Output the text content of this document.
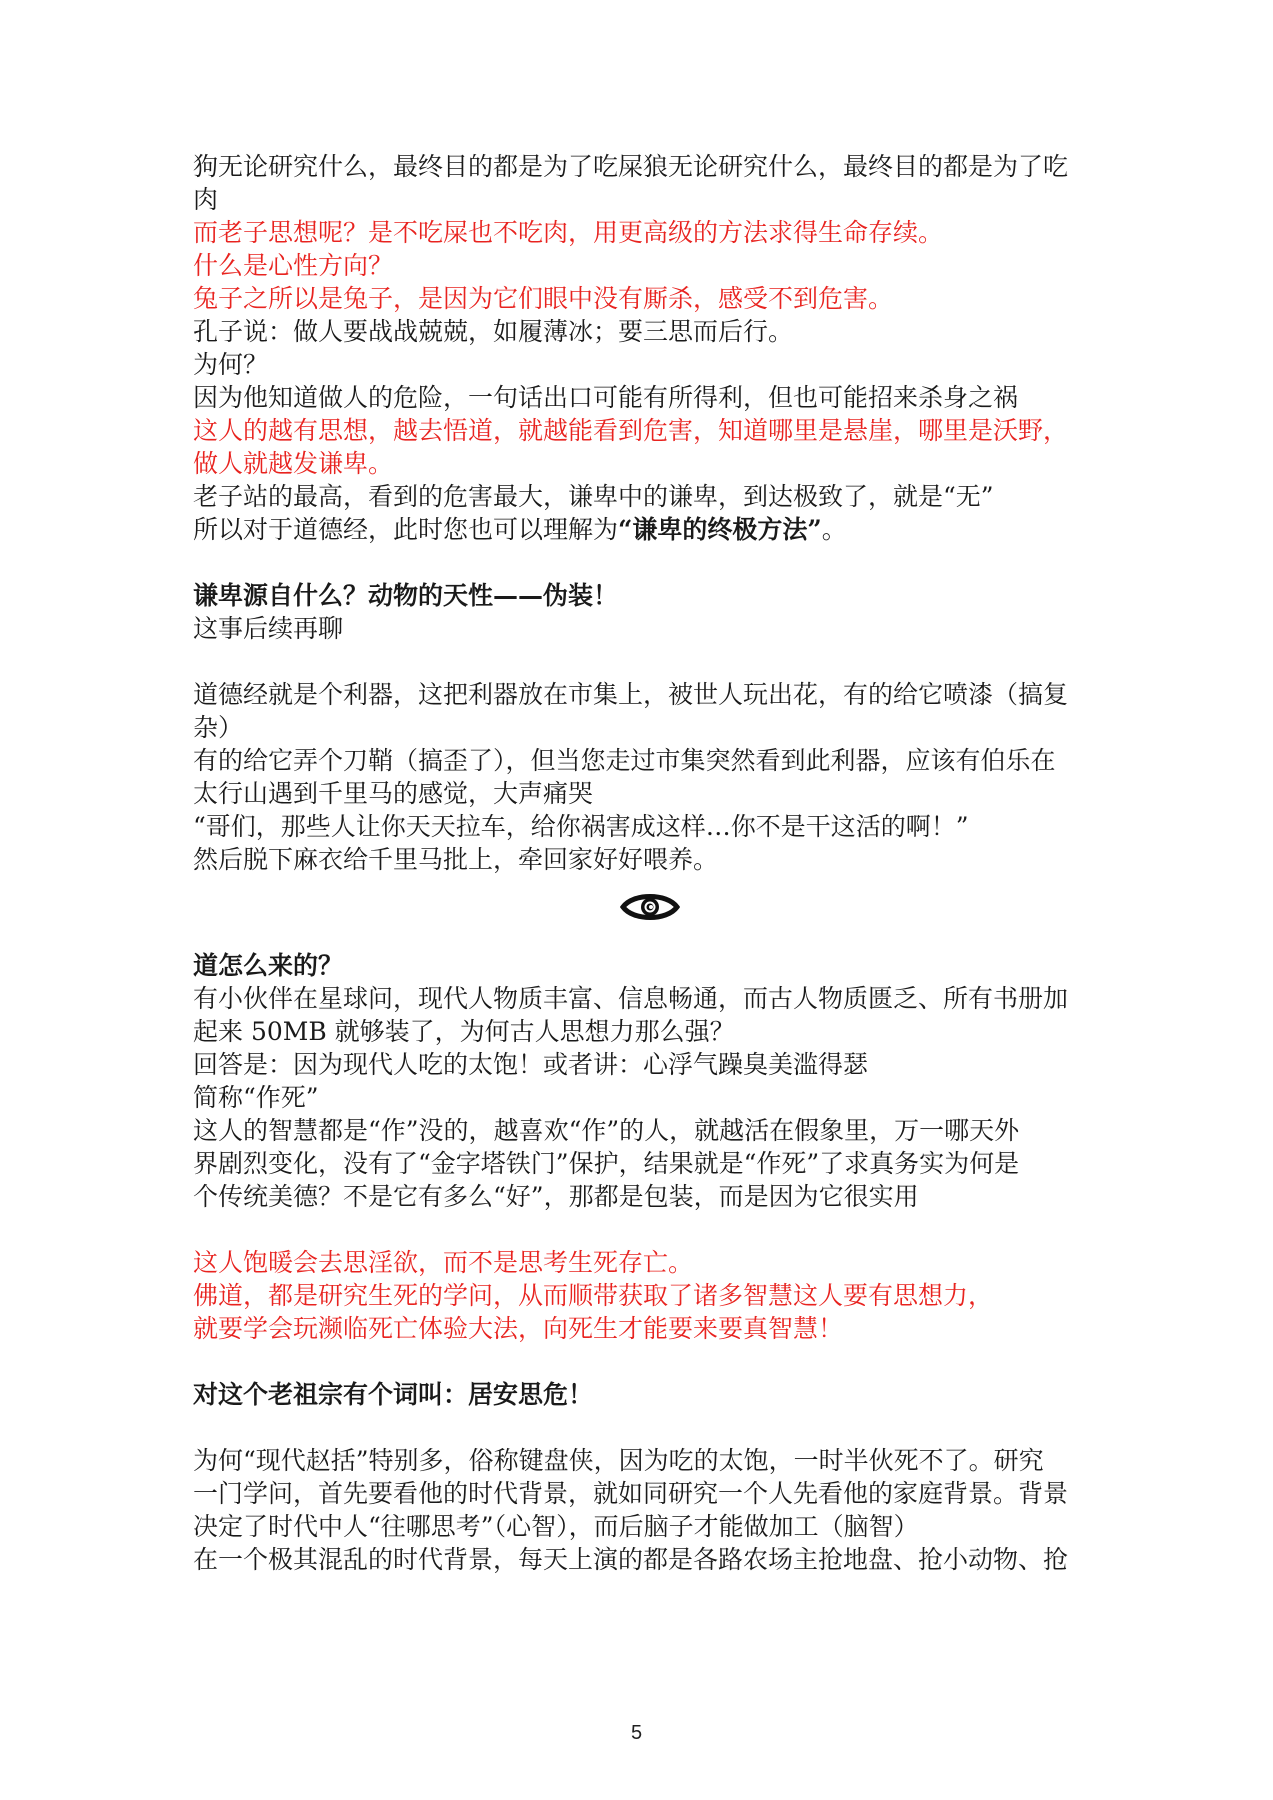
狗无论研究什么，最终目的都是为了吃屎狼无论研究什么，最终目的都是为了吃

肉

而老子思想呢？是不吃屎也不吃肉，用更高级的方法求得生命存续。

什么是心性方向？

兔子之所以是兔子，是因为它们眼中没有厮杀，感受不到危害。

孔子说：做人要战战兢兢，如履薄冰；要三思而后行。

为何？

因为他知道做人的危险，一句话出口可能有所得利，但也可能招来杀身之祸

这人的越有思想，越去悟道，就越能看到危害，知道哪里是悬崖，哪里是沃野，

做人就越发谦卑。

老子站的最高，看到的危害最大，谦卑中的谦卑，到达极致了，就是“无”

所以对于道德经，此时您也可以理解为“谦卑的终极方法”。

谦卑源自什么？动物的天性——伪装！

这事后续再聊

道德经就是个利器，这把利器放在市集上，被世人玩出花，有的给它喷漆（搞复

杂）

有的给它弄个刀鞘（搞歪了），但当您走过市集突然看到此利器，应该有伯乐在

太行山遇到千里马的感觉，大声痛哭

“哥们，那些人让你天天拉车，给你祸害成这样…你不是干这活的啊！”

然后脱下麻衣给千里马批上，牵回家好好喂养。

道怎么来的？

有小伙伴在星球问，现代人物质丰富、信息畅通，而古人物质匮乏、所有书册加

起来 50MB 就够装了，为何古人思想力那么强？

回答是：因为现代人吃的太饱！或者讲：心浮气躁臭美滥得瑟

简称“作死”

这人的智慧都是“作”没的，越喜欢“作”的人，就越活在假象里，万一哪天外

界剧烈变化，没有了“金字塔铁门”保护，结果就是“作死”了求真务实为何是

个传统美德？不是它有多么“好”，那都是包装，而是因为它很实用

这人饱暖会去思淫欲，而不是思考生死存亡。

佛道，都是研究生死的学问，从而顺带获取了诸多智慧这人要有思想力，

就要学会玩濒临死亡体验大法，向死生才能要来要真智慧！

对这个老祖宗有个词叫：居安思危！

为何“现代赵括”特别多，俗称键盘侠，因为吃的太饱，一时半伙死不了。研究

一门学问，首先要看他的时代背景，就如同研究一个人先看他的家庭背景。背景

决定了时代中人“往哪思考”（心智），而后脑子才能做加工（脑智）

在一个极其混乱的时代背景，每天上演的都是各路农场主抢地盘、抢小动物、抢

5
